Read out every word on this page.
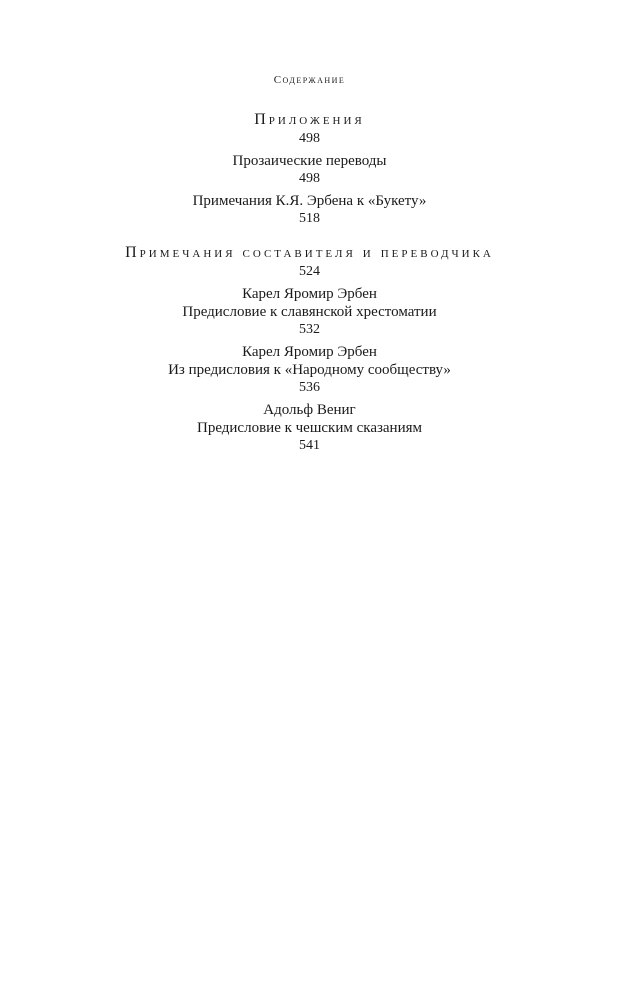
Содержание
Приложения
498
Прозаические переводы
498
Примечания К.Я. Эрбена к «Букету»
518
Примечания составителя и переводчика
524
Карел Яромир Эрбен
Предисловие к славянской хрестоматии
532
Карел Яромир Эрбен
Из предисловия к «Народному сообществу»
536
Адольф Вениг
Предисловие к чешским сказаниям
541
